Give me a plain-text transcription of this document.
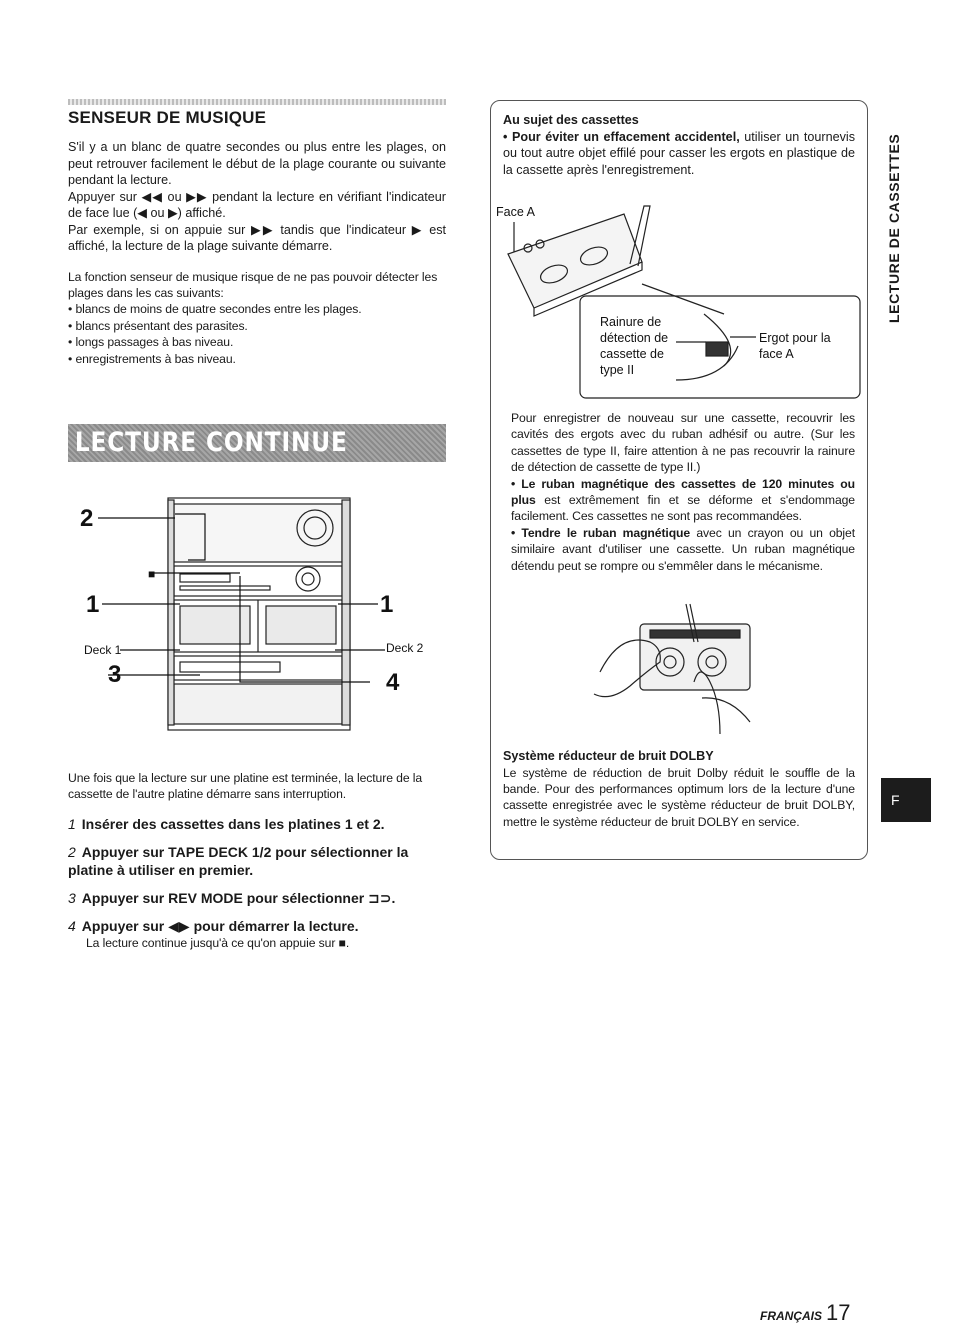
SENSEUR DE MUSIQUE

S'il y a un blanc de quatre secondes ou plus entre les plages, on peut retrouver facilement le début de la plage courante ou suivante pendant la lecture.

Appuyer sur ◀◀ ou ▶▶ pendant la lecture en vérifiant l'indicateur de face lue (◀ ou ▶) affiché.

Par exemple, si on appuie sur ▶▶ tandis que l'indicateur ▶ est affiché, la lecture de la plage suivante démarre.

La fonction senseur de musique risque de ne pas pouvoir détecter les plages dans les cas suivants:

• blancs de moins de quatre secondes entre les plages.

• blancs présentant des parasites.

• longs passages à bas niveau.

• enregistrements à bas niveau.

LECTURE CONTINUE
2
■
1	1
Deck 1	Deck 2
3	4

Une fois que la lecture sur une platine est terminée, la lecture de la cassette de l'autre platine démarre sans interruption.

1 Insérer des cassettes dans les platines 1 et 2.

2 Appuyer sur TAPE DECK 1/2 pour sélectionner la platine à utiliser en premier.

3 Appuyer sur REV MODE pour sélectionner ⊐⊃.

4 Appuyer sur ◀▶ pour démarrer la lecture.

La lecture continue jusqu'à ce qu'on appuie sur ■.

Au sujet des cassettes

• Pour éviter un effacement accidentel, utiliser un tournevis ou tout autre objet effilé pour casser les ergots en plastique de la cassette après l'enregistrement.

Face A
Rainure de
détection de
cassette de
type II
Ergot pour la
face A

Pour enregistrer de nouveau sur une cassette, recouvrir les cavités des ergots avec du ruban adhésif ou autre. (Sur les cassettes de type II, faire attention à ne pas recouvrir la rainure de détection de cassette de type II.)

• Le ruban magnétique des cassettes de 120 minutes ou plus est extrêmement fin et se déforme et s'endommage facilement. Ces cassettes ne sont pas recommandées.

• Tendre le ruban magnétique avec un crayon ou un objet similaire avant d'utiliser une cassette. Un ruban magnétique détendu peut se rompre ou s'emmêler dans le mécanisme.

Système réducteur de bruit DOLBY

Le système de réduction de bruit Dolby réduit le souffle de la bande. Pour des performances optimum lors de la lecture d'une cassette enregistrée avec le système réducteur de bruit DOLBY, mettre le système réducteur de bruit DOLBY en service.

LECTURE DE CASSETTES
F
FRANÇAIS 17
